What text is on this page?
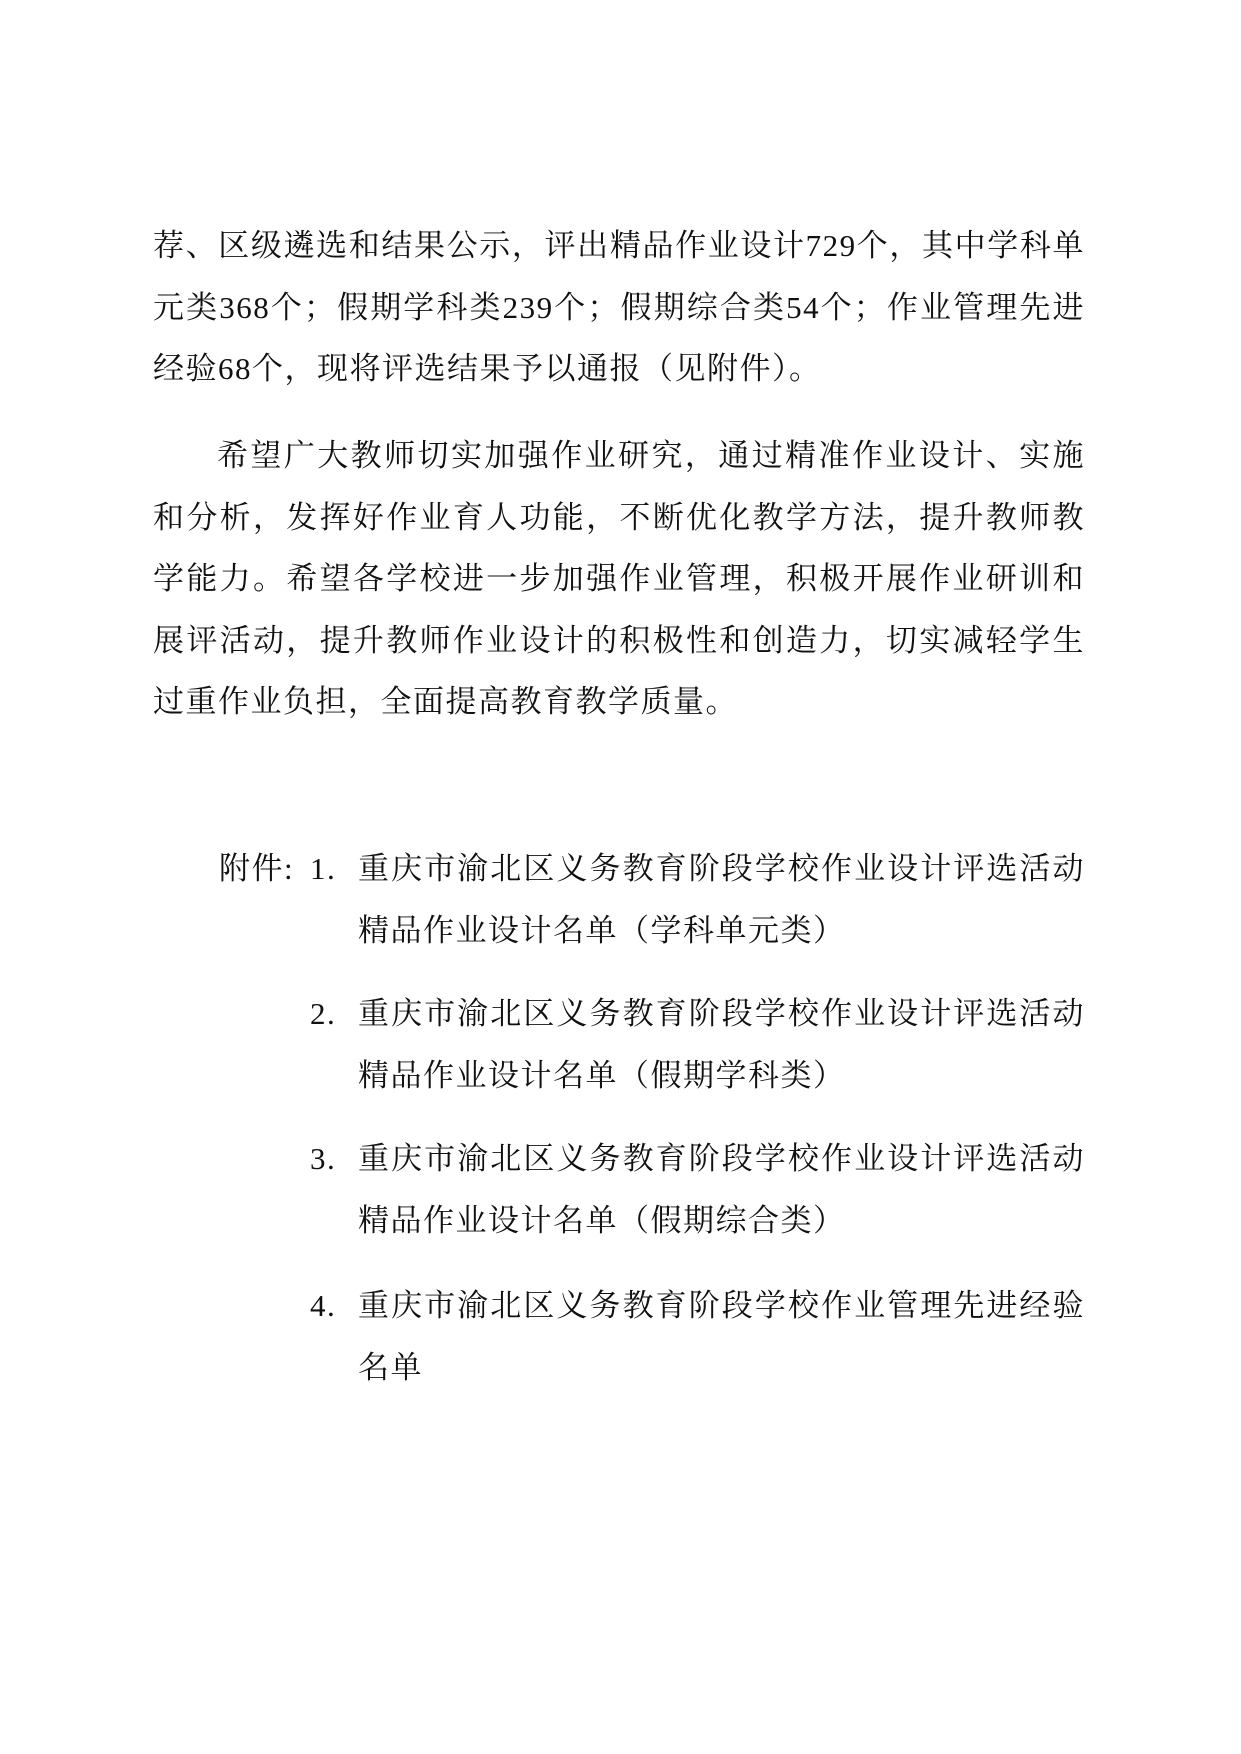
荐、区级遴选和结果公示，评出精品作业设计729个，其中学科单元类368个；假期学科类239个；假期综合类54个；作业管理先进经验68个，现将评选结果予以通报（见附件）。

希望广大教师切实加强作业研究，通过精准作业设计、实施和分析，发挥好作业育人功能，不断优化教学方法，提升教师教学能力。希望各学校进一步加强作业管理，积极开展作业研训和展评活动，提升教师作业设计的积极性和创造力，切实减轻学生过重作业负担，全面提高教育教学质量。

附件: 1. 重庆市渝北区义务教育阶段学校作业设计评选活动精品作业设计名单（学科单元类）
2. 重庆市渝北区义务教育阶段学校作业设计评选活动精品作业设计名单（假期学科类）
3. 重庆市渝北区义务教育阶段学校作业设计评选活动精品作业设计名单（假期综合类）
4. 重庆市渝北区义务教育阶段学校作业管理先进经验名单
